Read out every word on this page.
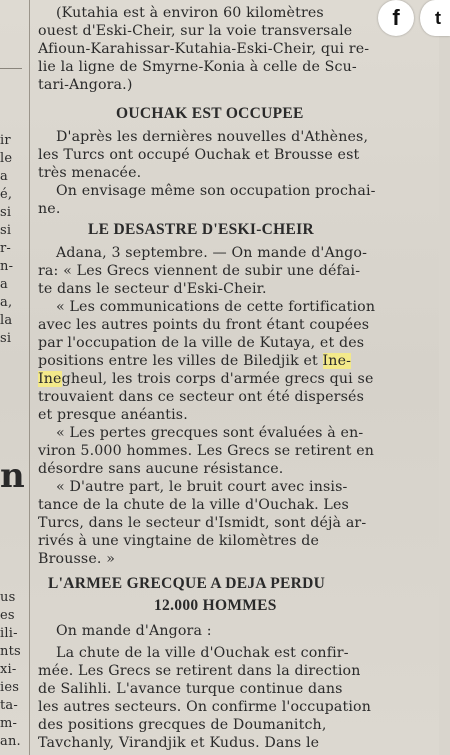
n
ir
le
a
é,
si
si
r-
n-
a
a,
la
si
us
es
ili-
nts
xi-
ies
ta-
m-
an.
(Kutahia est à environ 60 kilomètres
ouest d'Eski-Cheir, sur la voie transversale
Afioun-Karahissar-Kutahia-Eski-Cheir, qui re-
lie la ligne de Smyrne-Konia à celle de Scu-
tari-Angora.)
OUCHAK EST OCCUPEE
D'après les dernières nouvelles d'Athènes,
les Turcs ont occupé Ouchak et Brousse est
très menacée.
On envisage même son occupation prochai-
ne.
LE DESASTRE D'ESKI-CHEIR
Adana, 3 septembre. — On mande d'Ango-
ra: « Les Grecs viennent de subir une défai-
te dans le secteur d'Eski-Cheir.
« Les communications de cette fortification
avec les autres points du front étant coupées
par l'occupation de la ville de Kutaya, et des
positions entre les villes de Biledjik et Ine-
Inegheul, les trois corps d'armée grecs qui se
trouvaient dans ce secteur ont été dispersés
et presque anéantis.
« Les pertes grecques sont évaluées à en-
viron 5.000 hommes. Les Grecs se retirent en
désordre sans aucune résistance.
« D'autre part, le bruit court avec insis-
tance de la chute de la ville d'Ouchak. Les
Turcs, dans le secteur d'Ismidt, sont déjà ar-
rivés à une vingtaine de kilomètres de
Brousse. »
L'ARMEE GRECQUE A DEJA PERDU
12.000 HOMMES
On mande d'Angora :
La chute de la ville d'Ouchak est confir-
mée. Les Grecs se retirent dans la direction
de Salihli. L'avance turque continue dans
les autres secteurs. On confirme l'occupation
des positions grecques de Doumanitch,
Tavchanly, Virandjik et Kudus. Dans le
f t
